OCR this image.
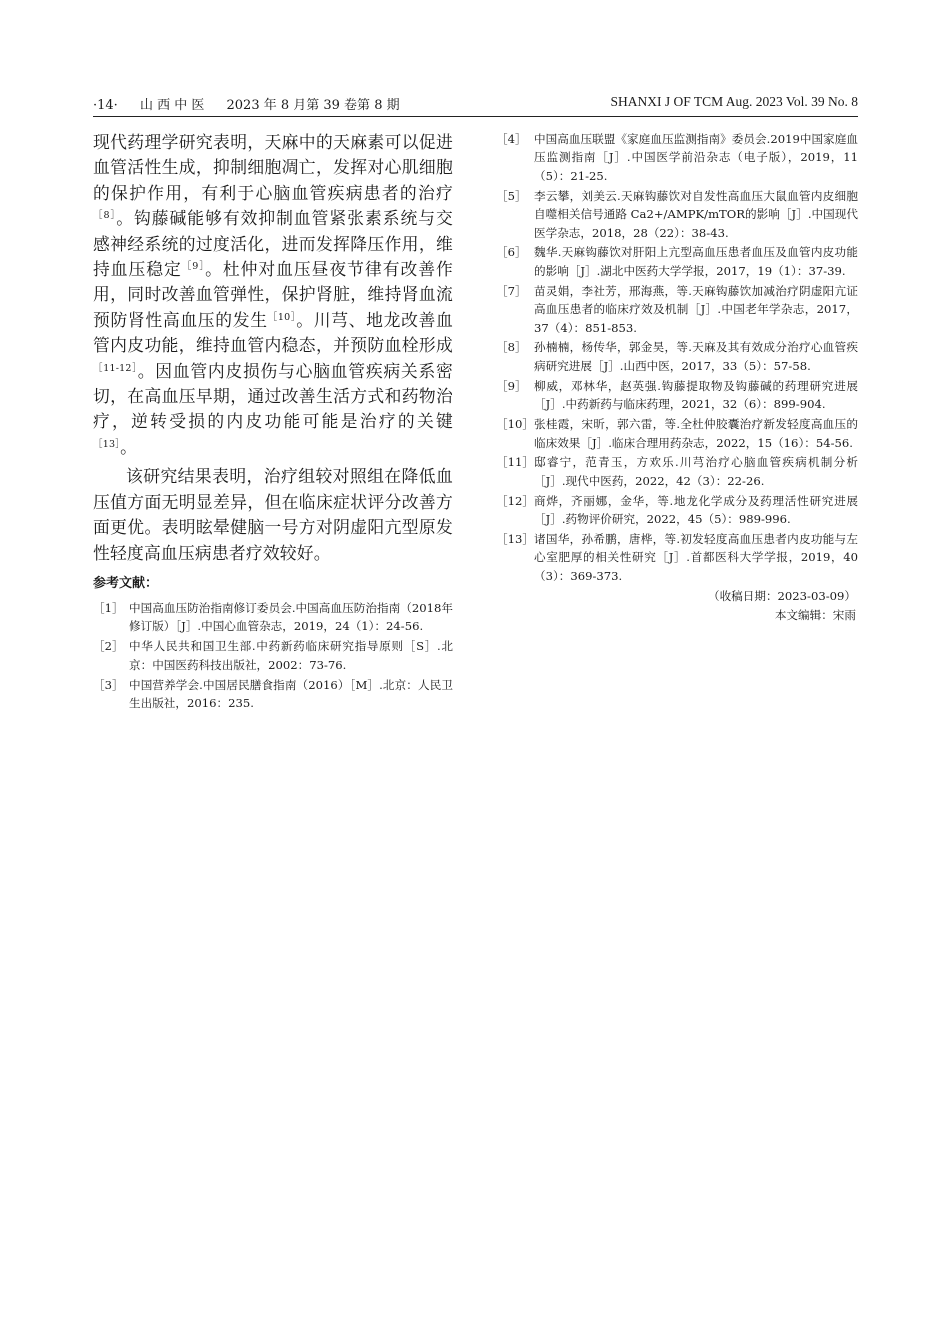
·14· 山 西 中 医 2023 年 8 月第 39 卷第 8 期	SHANXI J OF TCM Aug. 2023 Vol. 39 No. 8

现代药理学研究表明，天麻中的天麻素可以促进血管活性生成，抑制细胞凋亡，发挥对心肌细胞的保护作用，有利于心脑血管疾病患者的治疗$^{[8]}$。钩藤碱能够有效抑制血管紧张素系统与交感神经系统的过度活化，进而发挥降压作用，维持血压稳定$^{[9]}$。杜仲对血压昼夜节律有改善作用，同时改善血管弹性，保护肾脏，维持肾血流预防肾性高血压的发生$^{[10]}$。川芎、地龙改善血管内皮功能，维持血管内稳态，并预防血栓形成$^{[11-12]}$。因血管内皮损伤与心脑血管疾病关系密切，在高血压早期，通过改善生活方式和药物治疗，逆转受损的内皮功能可能是治疗的关键$^{[13]}$。

该研究结果表明，治疗组较对照组在降低血压值方面无明显差异，但在临床症状评分改善方面更优。表明眩晕健脑一号方对阴虚阳亢型原发性轻度高血压病患者疗效较好。

参考文献：
［1］ 中国高血压防治指南修订委员会.中国高血压防治指南（2018年修订版）［J］.中国心血管杂志，2019，24（1）：24-56.
［2］ 中华人民共和国卫生部.中药新药临床研究指导原则［S］.北京：中国医药科技出版社，2002：73-76.
［3］ 中国营养学会.中国居民膳食指南（2016）［M］.北京：人民卫生出版社，2016：235.
［4］ 中国高血压联盟《家庭血压监测指南》委员会.2019中国家庭血压监测指南［J］.中国医学前沿杂志（电子版），2019，11（5）：21-25.
［5］ 李云攀，刘美云.天麻钩藤饮对自发性高血压大鼠血管内皮细胞自噬相关信号通路 Ca2+/AMPK/mTOR的影响［J］.中国现代医学杂志，2018，28（22）：38-43.
［6］ 魏华.天麻钩藤饮对肝阳上亢型高血压患者血压及血管内皮功能的影响［J］.湖北中医药大学学报，2017，19（1）：37-39.
［7］ 苗灵娟，李社芳，邢海燕，等.天麻钩藤饮加减治疗阴虚阳亢证高血压患者的临床疗效及机制［J］.中国老年学杂志，2017，37（4）：851-853.
［8］ 孙楠楠，杨传华，郭金昊，等.天麻及其有效成分治疗心血管疾病研究进展［J］.山西中医，2017，33（5）：57-58.
［9］ 柳威，邓林华，赵英强.钩藤提取物及钩藤碱的药理研究进展［J］.中药新药与临床药理，2021，32（6）：899-904.
［10］ 张桂霞，宋昕，郭六雷，等.全杜仲胶囊治疗新发轻度高血压的临床效果［J］.临床合理用药杂志，2022，15（16）：54-56.
［11］ 邸睿宁，范青玉，方欢乐.川芎治疗心脑血管疾病机制分析［J］.现代中医药，2022，42（3）：22-26.
［12］ 商烨，齐丽娜，金华，等.地龙化学成分及药理活性研究进展［J］.药物评价研究，2022，45（5）：989-996.
［13］ 诸国华，孙希鹏，唐桦，等.初发轻度高血压患者内皮功能与左心室肥厚的相关性研究［J］.首都医科大学学报，2019，40（3）：369-373.
（收稿日期：2023-03-09）
本文编辑：宋雨
